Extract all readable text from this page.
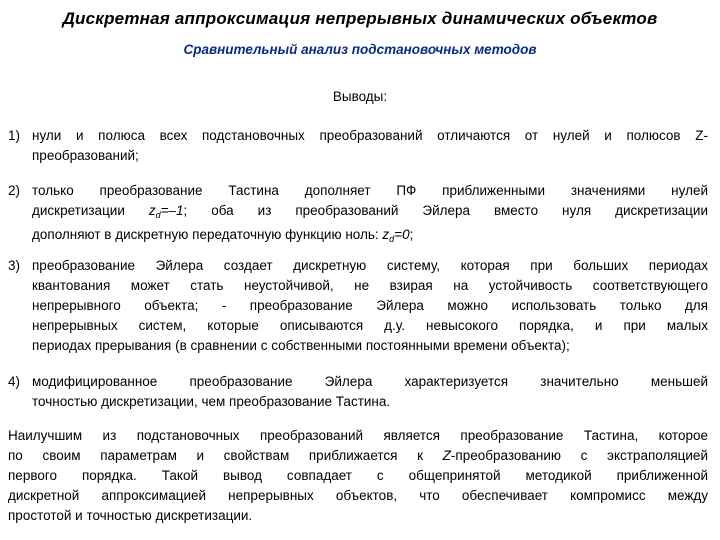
Дискретная аппроксимация непрерывных динамических объектов
Сравнительный анализ подстановочных методов
Выводы:
1) нули и полюса всех подстановочных преобразований отличаются от нулей и полюсов Z-
преобразований;
2) только преобразование Тастина дополняет ПФ приближенными значениями нулей
дискретизации $z_d=-1$; оба из преобразований Эйлера вместо нуля дискретизации
дополняют в дискретную передаточную функцию ноль: $z_d=0$;
3) преобразование Эйлера создает дискретную систему, которая при больших периодах
квантования может стать неустойчивой, не взирая на устойчивость соответствующего
непрерывного объекта; - преобразование Эйлера можно использовать только для
непрерывных систем, которые описываются д.у. невысокого порядка, и при малых
периодах прерывания (в сравнении с собственными постоянными времени объекта);
4) модифицированное преобразование Эйлера характеризуется значительно меньшей
точностью дискретизации, чем преобразование Тастина.
Наилучшим из подстановочных преобразований является преобразование Тастина, которое
по своим параметрам и свойствам приближается к Z-преобразованию с экстраполяцией
первого порядка. Такой вывод совпадает с общепринятой методикой приближенной
дискретной аппроксимацией непрерывных объектов, что обеспечивает компромисс между
простотой и точностью дискретизации.
